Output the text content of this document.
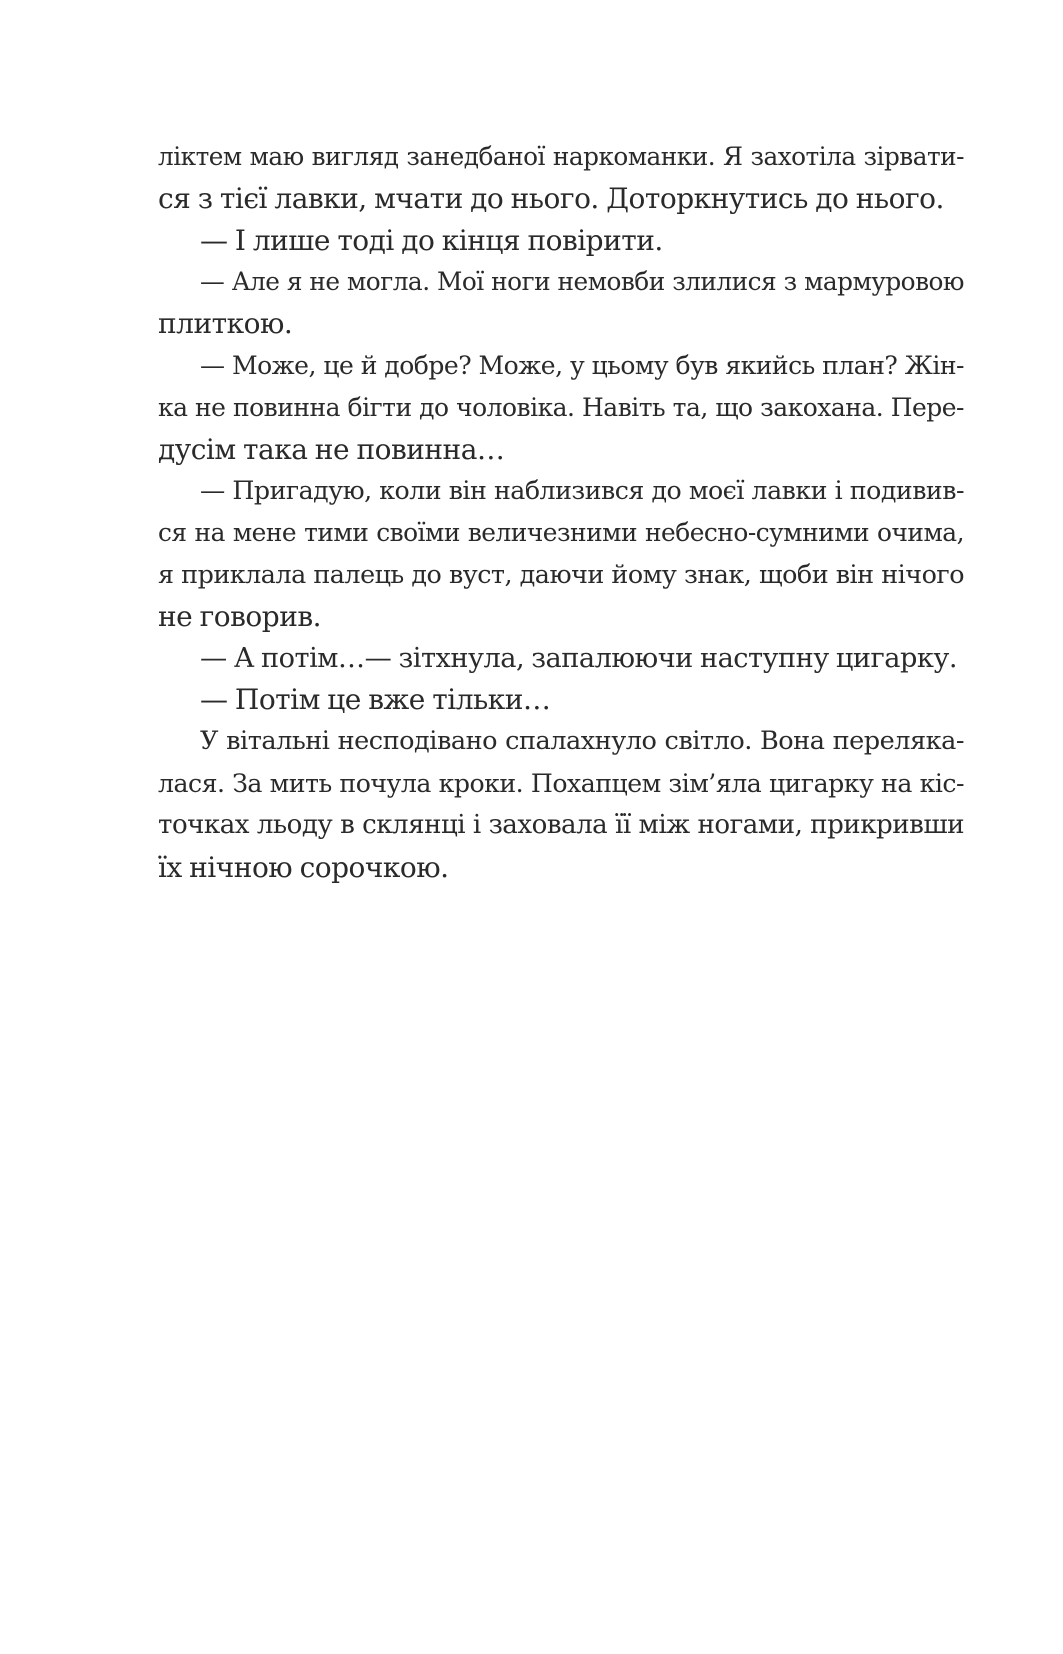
ліктем маю вигляд занедбаної наркоманки. Я захотіла зірвати-
ся з тієї лавки, мчати до нього. Доторкнутись до нього.
— І лише тоді до кінця повірити.
— Але я не могла. Мої ноги немовби злилися з мармуровою
плиткою.
— Може, це й добре? Може, у цьому був якийсь план? Жін-
ка не повинна бігти до чоловіка. Навіть та, що закохана. Пере-
дусім така не повинна…
— Пригадую, коли він наблизився до моєї лавки і подивив-
ся на мене тими своїми величезними небесно-сумними очима,
я приклала палець до вуст, даючи йому знак, щоби він нічого
не говорив.
— А потім…— зітхнула, запалюючи наступну цигарку.
— Потім це вже тільки…
У вітальні несподівано спалахнуло світло. Вона переляка-
лася. За мить почула кроки. Похапцем зім’яла цигарку на кіс-
точках льоду в склянці і заховала її між ногами, прикривши
їх нічною сорочкою.
